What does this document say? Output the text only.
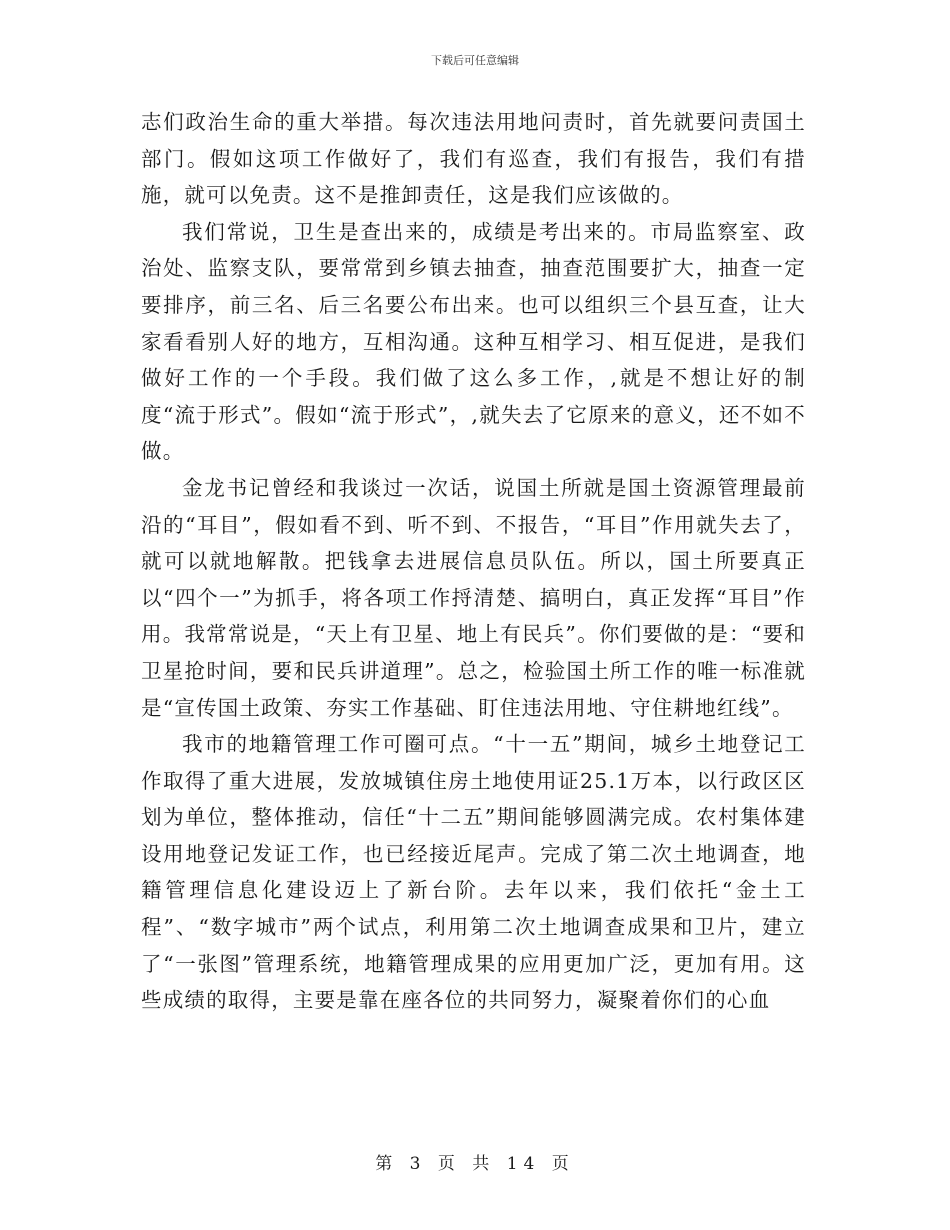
下载后可任意编辑

志们政治生命的重大举措。每次违法用地问责时，首先就要问责国土部门。假如这项工作做好了，我们有巡查，我们有报告，我们有措施，就可以免责。这不是推卸责任，这是我们应该做的。

我们常说，卫生是查出来的，成绩是考出来的。市局监察室、政治处、监察支队，要常常到乡镇去抽查，抽查范围要扩大，抽查一定要排序，前三名、后三名要公布出来。也可以组织三个县互查，让大家看看别人好的地方，互相沟通。这种互相学习、相互促进，是我们做好工作的一个手段。我们做了这么多工作，,就是不想让好的制度“流于形式”。假如“流于形式”，,就失去了它原来的意义，还不如不做。

金龙书记曾经和我谈过一次话，说国土所就是国土资源管理最前沿的“耳目”，假如看不到、听不到、不报告，“耳目”作用就失去了，就可以就地解散。把钱拿去进展信息员队伍。所以，国土所要真正以“四个一”为抓手，将各项工作捋清楚、搞明白，真正发挥“耳目”作用。我常常说是，“天上有卫星、地上有民兵”。你们要做的是：“要和卫星抢时间，要和民兵讲道理”。总之，检验国土所工作的唯一标准就是“宣传国土政策、夯实工作基础、盯住违法用地、守住耕地红线”。

我市的地籍管理工作可圈可点。“十一五”期间，城乡土地登记工作取得了重大进展，发放城镇住房土地使用证25.1万本，以行政区区划为单位，整体推动，信任“十二五”期间能够圆满完成。农村集体建设用地登记发证工作，也已经接近尾声。完成了第二次土地调查，地籍管理信息化建设迈上了新台阶。去年以来，我们依托“金土工程”、“数字城市”两个试点，利用第二次土地调查成果和卫片，建立了“一张图”管理系统，地籍管理成果的应用更加广泛，更加有用。这些成绩的取得，主要是靠在座各位的共同努力，凝聚着你们的心血

第 3 页 共 14 页
